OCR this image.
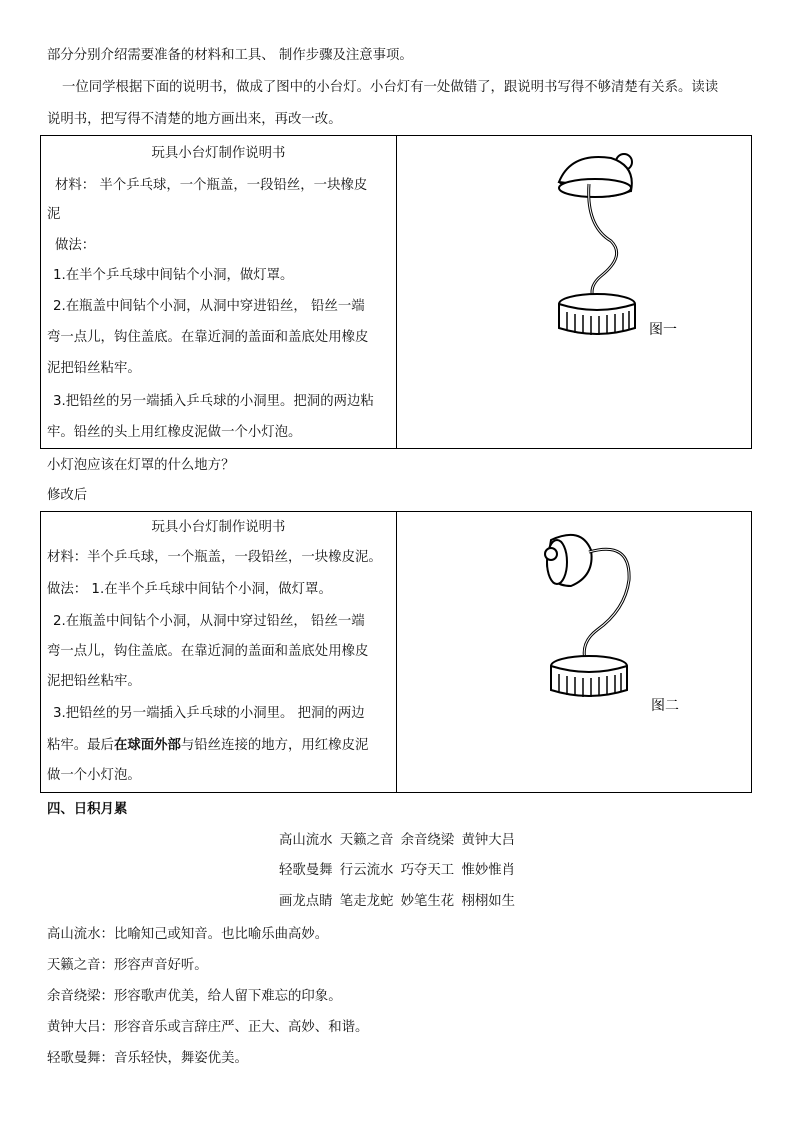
部分分别介绍需要准备的材料和工具、 制作步骤及注意事项。
一位同学根据下面的说明书，做成了图中的小台灯。小台灯有一处做错了，跟说明书写得不够清楚有关系。读读
说明书，把写得不清楚的地方画出来，再改一改。
玩具小台灯制作说明书
材料： 半个乒乓球，一个瓶盖，一段铅丝，一块橡皮
泥
做法：
1.在半个乒乓球中间钻个小洞，做灯罩。
2.在瓶盖中间钻个小洞，从洞中穿进铅丝， 铅丝一端
弯一点儿，钩住盖底。在靠近洞的盖面和盖底处用橡皮
泥把铅丝粘牢。
3.把铅丝的另一端插入乒乓球的小洞里。把洞的两边粘
牢。铅丝的头上用红橡皮泥做一个小灯泡。
图一
小灯泡应该在灯罩的什么地方？
修改后
玩具小台灯制作说明书
材料：半个乒乓球，一个瓶盖，一段铅丝，一块橡皮泥。
做法： 1.在半个乒乓球中间钻个小洞，做灯罩。
2.在瓶盖中间钻个小洞，从洞中穿过铅丝， 铅丝一端
弯一点儿，钩住盖底。在靠近洞的盖面和盖底处用橡皮
泥把铅丝粘牢。
3.把铅丝的另一端插入乒乓球的小洞里。 把洞的两边
粘牢。最后在球面外部与铅丝连接的地方，用红橡皮泥
做一个小灯泡。
图二
四、日积月累
高山流水 天籁之音 余音绕梁 黄钟大吕
轻歌曼舞 行云流水 巧夺天工 惟妙惟肖
画龙点睛 笔走龙蛇 妙笔生花 栩栩如生
高山流水：比喻知己或知音。也比喻乐曲高妙。
天籁之音：形容声音好听。
余音绕梁：形容歌声优美，给人留下难忘的印象。
黄钟大吕：形容音乐或言辞庄严、正大、高妙、和谐。
轻歌曼舞：音乐轻快，舞姿优美。
